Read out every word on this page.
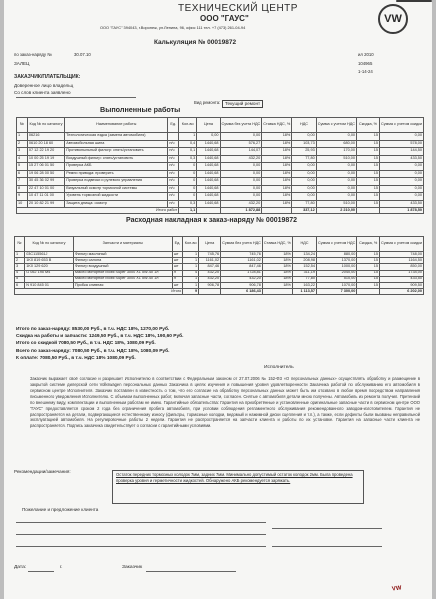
VW
ТЕХНИЧЕСКИЙ ЦЕНТР
ООО "ГАУС"
ООО "ГАУС" 394043, г.Воронеж, ул.Ленина, 96, офис 111 тел. +7 (473) 261-04-94
Калькуляция № 00019872
по заказ-наряду №	30.07.10
ЗАЛЕЦ
ил 2010
104965
1-14-24
ЗАКАЗЧИК/ПЛАТЕЛЬЩИК:
Доверенное лицо владельц
Со слов клиента заявлено
Вид ремонта:	Текущий ремонт
Выполненные работы
№	Код № по каталогу	Наименование работы	Ед.	Кол-во	Цена	Сумма без учета НДС	Ставка НДС, %	НДС	Сумма с учетом НДС	Скидка, %	Сумма с учетом скидки
1	06216	Технологическая ездка (замена автомобиля)		1	0,00	0,00	18%	0,00	0,00	15	0,00
2	0610 20 18 60	Автомобильная шина	н/ч	0,4	1440,68	576,27	18%	103,73	680,00	15	578,00
3	07 12 22 19 20	Противопыльный фильтр: снять/установить	н/ч	0,1	1440,68	144,07	18%	25,93	170,00	15	144,50
4	10 00 25 19 19	Воздушный фильтр: снять/установить	н/ч	0,3	1440,68	432,20	18%	77,80	510,00	15	433,50
5	15 27 06 01 50	Проверка АКБ	н/ч	0	1440,68	0,00	18%	0,00	0,00	15	0,00
6	19 06 28 00 50	Ремни привода: проверить	н/ч	0	1440,68	0,00	18%	0,00	0,00	15	0,00
7	30 45 36 02 99	Проверка подвески и рулевого управления	н/ч	0	1440,68	0,00	18%	0,00	0,00	15	0,00
8	22 47 10 01 00	Визуальный осмотр тормозной системы	н/ч	0	1440,68	0,00	18%	0,00	0,00	15	0,00
9	10 47 11 01 00	Уровень тормозной жидкости	н/ч	0	1440,68	0,00	18%	0,00	0,00	15	0,00
10	20 10 82 21 99	Защита днища: осмотр	н/ч	0,3	1440,68	432,20	18%	77,80	510,00	15	433,50
Итого работ				1,1		1 872,88		337,12	2 210,00		1 878,50
Расходная накладная к заказ-наряду № 00019872
№	Код № по каталогу	Запчасти и материалы	Ед.	Кол-во	Цена	Сумма без учета НДС	Ставка НДС, %	НДС	Сумма с учетом НДС	Скидка, %	Сумма с учетом скидки
1	03C115561J	Фильтр масляный	шт	1	745,76	745,76	18%	134,24	880,00	15	748,00
2	1K0 819 653 B	Фильтр салона	шт	1	1161,02	1161,02	18%	208,98	1370,00	15	1164,50
3	1K0 129 620	Фильтр воздушный	шт	1	847,46	847,46	18%	152,54	1000,00	15	850,00
4	G 052 195 M4	Масло моторное Mobil Super 3000 X1 5W-40 1л	л	4	432,20	1728,81	18%	311,19	2040,00	15	1734,00
5		Масло моторное Mobil Super 3000 X1 5W-40 1л	л	1	432,20	432,20	18%	77,80	510,00	15	433,50
6	N 910 845 01	Пробка сливная	шт	1	906,78	906,78	18%	163,22	1070,00	15	909,50
Итого				9		6 186,43		1 113,57	7 300,00		6 202,00
Итого по заказ-наряду: 8530,00 Руб., в т.ч. НДС 18%, 1270,00 Руб.
Скидка на работы и запчасти: 1249,50 Руб., в т.ч. НДС 18%, 190,60 Руб.
Итого со скидкой 7080,50 Руб., в т.ч. НДС 18%, 1080,09 Руб.
Всего по заказ-наряду: 7080,50 Руб., в т.ч. НДС 18%, 1080,09 Руб.
К оплате: 7080,50 Руб., в т.ч. НДС 18% 1080,09 Руб.
Исполнитель
Заказчик выражает своё согласие и разрешает Исполнителю в соответствии с Федеральным законом от 27.07.2006 № 152-ФЗ «О персональных данных» осуществлять обработку и размещение в закрытой системе дилерской сети Volkswagen персональных данных Заказчика в целях изучения и повышения уровня удовлетворенности Заказчика работой по обслуживанию его автомобиля в сервисном центре Исполнителя. Заказчик поставлен в известность о том, что его согласие на обработку персональных данных может быть им отозвано в любое время посредством направления письменного уведомления Исполнителю. С объемом выполненных работ, включая запасные части, согласен. Снятые с автомобиля детали мною получены. Автомобиль из ремонта получил. Претензий по внешнему виду, комплектации и выполненным работам не имею. Гарантийные обязательства: Гарантия на приобретённые и установленные оригинальные запасные части в сервисном центре ООО "ГАУС" предоставляется сроком 2 года без ограничения пробега автомобиля, при условии соблюдения регламентного обслуживания рекомендованного заводом-изготовителем. Гарантия не распространяется на детали, подвергающиеся естественному износу (фильтры, тормозные колодки, ведомый и нажимной диски сцепления и т.п.), а также, если дефекты были вызваны неправильной эксплуатацией автомобиля. На регулировочные работы 2 недели. Гарантия не распространяется на запчасти клиента и работы по их установке. Гарантия на запасные части клиента не распространяется. Подпись заказчика свидетельствует о согласии с гарантийными условиями.
Рекомендации/замечания:
Остаток передних тормозных колодок 7мм, задних 7мм. Минимально допустимый остаток колодок 2мм. Была проведена проверка уровня и герметичности жидкостей. Обнаружено АКБ рекомендуется заряжать.
Пожелание и предложение клиента
Дата:	г.	Заказчик
VW
